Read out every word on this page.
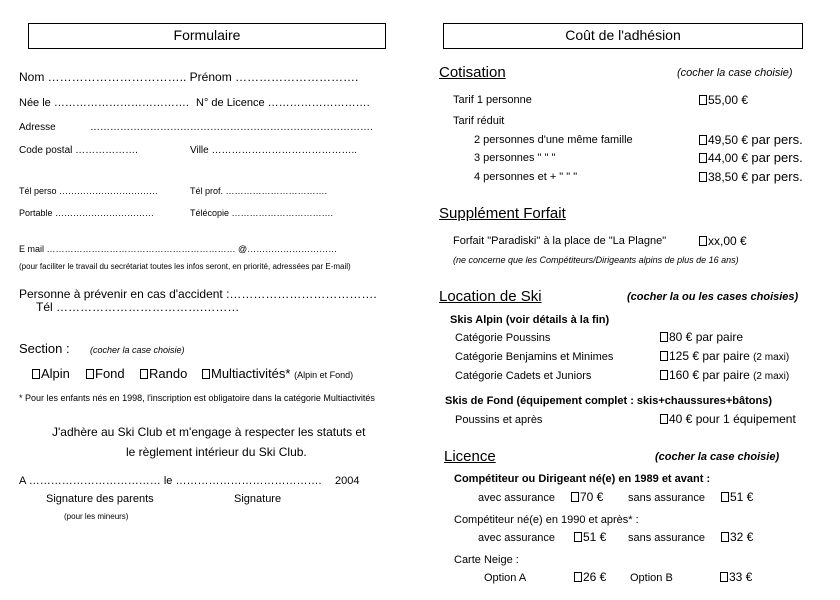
Formulaire
Nom …………………………….. Prénom ………………………….
Née le ………………………………. N° de Licence ……………………….
Adresse	………………………………………………………………………….
Code postal ……………….	Ville ……………………………………..
Tél perso ……………………………	Tél prof. …………………………….
Portable ……………………………	Télécopie …………………………….
E mail ……………………………………………………… @…………………………
(pour faciliter le travail du secrétariat toutes les infos seront, en priorité, adressées par E-mail)
Personne à prévenir en cas d'accident :……………………………….
Tél ……………………………….………
Section : (cocher la case choisie)
Alpin	Fond	Rando	Multiactivités* (Alpin et Fond)
* Pour les enfants nés en 1998, l'inscription est obligatoire dans la catégorie Multiactivités
J'adhère au Ski Club et m'engage à respecter les statuts et
le règlement intérieur du Ski Club.
A ……………………………… le …………………………………. 2004
Signature des parents
(pour les mineurs)
Signature
Coût de l'adhésion
Cotisation	(cocher la case choisie)
Tarif 1 personne	55,00 €
Tarif réduit
2 personnes d'une même famille	49,50 € par pers.
3 personnes " " "	44,00 € par pers.
4 personnes et + " " "	38,50 € par pers.
Supplément Forfait
Forfait "Paradiski" à la place de "La Plagne"	xx,00 €
(ne concerne que les Compétiteurs/Dirigeants alpins de plus de 16 ans)
Location de Ski	(cocher la ou les cases choisies)
Skis Alpin (voir détails à la fin)
Catégorie Poussins	80 € par paire
Catégorie Benjamins et Minimes	125 € par paire (2 maxi)
Catégorie Cadets et Juniors	160 € par paire (2 maxi)
Skis de Fond (équipement complet : skis+chaussures+bâtons)
Poussins et après	40 € pour 1 équipement
Licence	(cocher la case choisie)
Compétiteur ou Dirigeant né(e) en 1989 et avant :
avec assurance	70 € sans assurance	51 €
Compétiteur né(e) en 1990 et après* :
avec assurance	51 € sans assurance	32 €
Carte Neige :
Option A	26 € Option B	33 €
